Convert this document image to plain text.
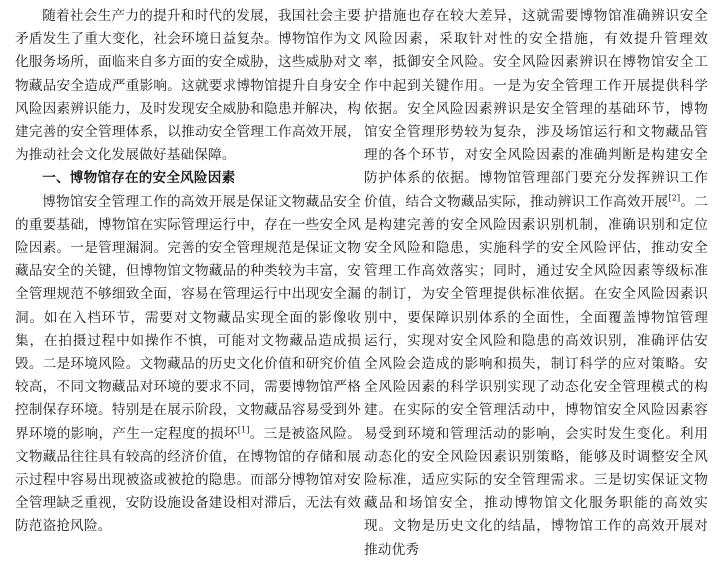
随着社会生产力的提升和时代的发展，我国社会主要矛盾发生了重大变化，社会环境日益复杂。博物馆作为文化服务场所，面临来自多方面的安全威胁，这些威胁对文物藏品安全造成严重影响。这就要求博物馆提升自身安全风险因素辨识能力，及时发现安全威胁和隐患并解决，构建完善的安全管理体系，以推动安全管理工作高效开展，为推动社会文化发展做好基础保障。

一、博物馆存在的安全风险因素

博物馆安全管理工作的高效开展是保证文物藏品安全的重要基础，博物馆在实际管理运行中，存在一些安全风险因素。一是管理漏洞。完善的安全管理规范是保证文物藏品安全的关键，但博物馆文物藏品的种类较为丰富，安全管理规范不够细致全面，容易在管理运行中出现安全漏洞。如在入档环节，需要对文物藏品实现全面的影像收集，在拍摄过程中如操作不慎，可能对文物藏品造成损毁。二是环境风险。文物藏品的历史文化价值和研究价值较高，不同文物藏品对环境的要求不同，需要博物馆严格控制保存环境。特别是在展示阶段，文物藏品容易受到外界环境的影响，产生一定程度的损坏[1]。三是被盗风险。文物藏品往往具有较高的经济价值，在博物馆的存储和展示过程中容易出现被盗或被抢的隐患。而部分博物馆对安全管理缺乏重视，安防设施设备建设相对滞后，无法有效防范盗抢风险。

护措施也存在较大差异，这就需要博物馆准确辨识安全风险因素，采取针对性的安全措施，有效提升管理效率，抵御安全风险。安全风险因素辨识在博物馆安全工作中起到关键作用。一是为安全管理工作开展提供科学依据。安全风险因素辨识是安全管理的基础环节，博物馆安全管理形势较为复杂，涉及场馆运行和文物藏品管理的各个环节，对安全风险因素的准确判断是构建安全防护体系的依据。博物馆管理部门要充分发挥辨识工作价值，结合文物藏品实际，推动辨识工作高效开展[2]。二是构建完善的安全风险因素识别机制，准确识别和定位安全风险和隐患，实施科学的安全风险评估，推动安全管理工作高效落实；同时，通过安全风险因素等级标准的制订，为安全管理提供标准依据。在安全风险因素识别中，要保障识别体系的全面性，全面覆盖博物馆管理运行，实现对安全风险和隐患的高效识别，准确评估安全风险会造成的影响和损失，制订科学的应对策略。安全风险因素的科学识别实现了动态化安全管理模式的构建。在实际的安全管理活动中，博物馆安全风险因素容易受到环境和管理活动的影响，会实时发生变化。利用动态化的安全风险因素识别策略，能够及时调整安全风险标准，适应实际的安全管理需求。三是切实保证文物藏品和场馆安全，推动博物馆文化服务职能的高效实现。文物是历史文化的结晶，博物馆工作的高效开展对推动优秀
